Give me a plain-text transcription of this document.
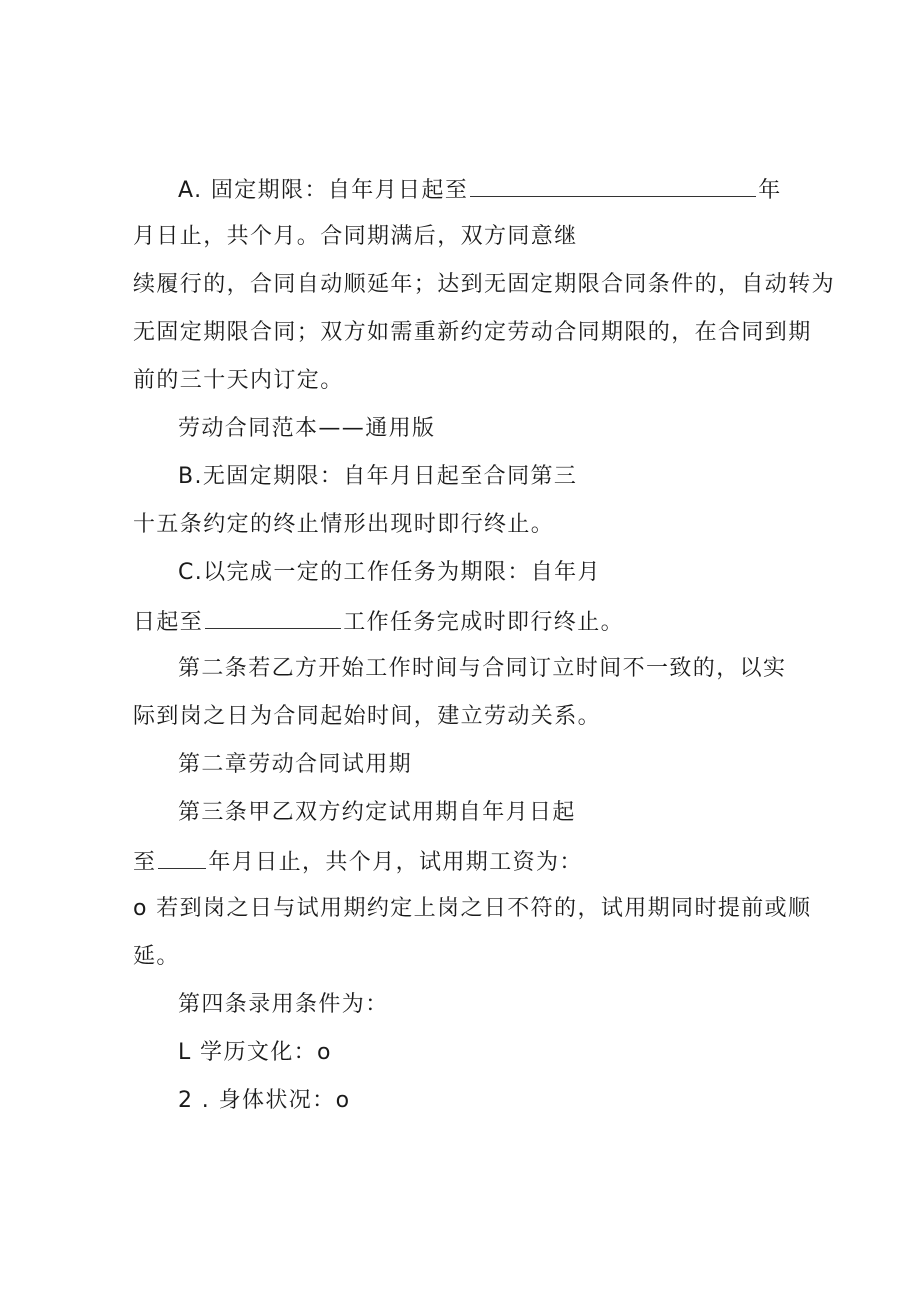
A. 固定期限：自年月日起至	年
月日止，共个月。合同期满后，双方同意继
续履行的，合同自动顺延年；达到无固定期限合同条件的，自动转为
无固定期限合同；双方如需重新约定劳动合同期限的，在合同到期
前的三十天内订定。
劳动合同范本——通用版
B.无固定期限：自年月日起至合同第三
十五条约定的终止情形出现时即行终止。
C.以完成一定的工作任务为期限：自年月
日起至	工作任务完成时即行终止。
第二条若乙方开始工作时间与合同订立时间不一致的，以实
际到岗之日为合同起始时间，建立劳动关系。
第二章劳动合同试用期
第三条甲乙双方约定试用期自年月日起
至 年月日止，共个月，试用期工资为：
o 若到岗之日与试用期约定上岗之日不符的，试用期同时提前或顺
延。
第四条录用条件为：
L 学历文化：o
2 . 身体状况：o
